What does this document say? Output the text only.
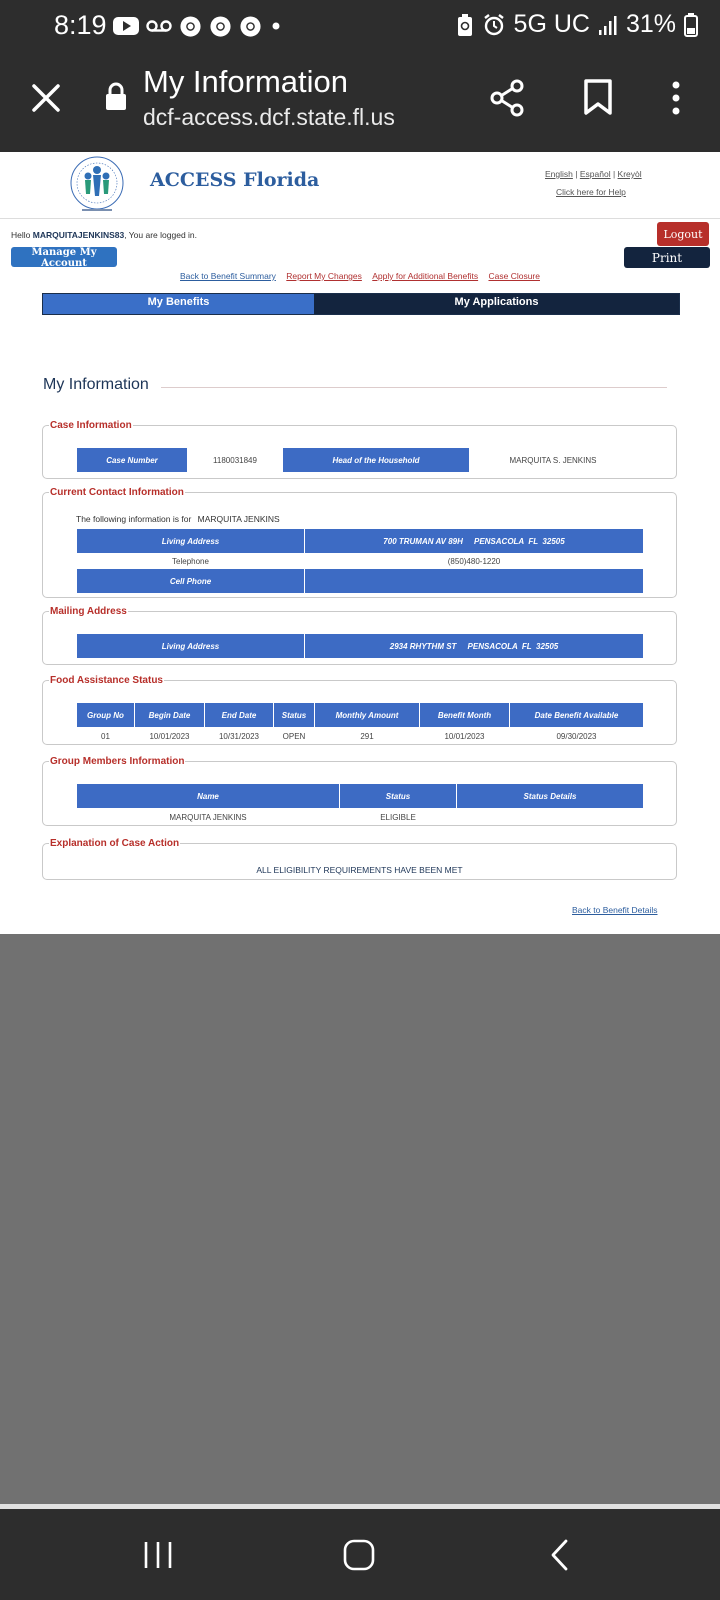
8:19	5G UC 31%
My Information
dcf-access.dcf.state.fl.us
ACCESS Florida	English | Español | Kreyòl
Click here for Help
Hello MARQUITAJENKINS83, You are logged in.	Logout
Manage My Account	Print
Back to Benefit Summary Report My Changes Apply for Additional Benefits Case Closure
My Benefits	My Applications
My Information
Case Information
Case Number	1180031849	Head of the Household	MARQUITA S. JENKINS
Current Contact Information
The following information is for MARQUITA JENKINS
Living Address	700 TRUMAN AV 89H     PENSACOLA  FL  32505
Telephone	(850)480-1220
Cell Phone	
Mailing Address
Living Address	2934 RHYTHM ST     PENSACOLA  FL  32505
Food Assistance Status
Group No	Begin Date	End Date	Status	Monthly Amount	Benefit Month	Date Benefit Available
01	10/01/2023	10/31/2023	OPEN	291	10/01/2023	09/30/2023
Group Members Information
Name	Status	Status Details
MARQUITA JENKINS	ELIGIBLE	
Explanation of Case Action
ALL ELIGIBILITY REQUIREMENTS HAVE BEEN MET
Back to Benefit Details
